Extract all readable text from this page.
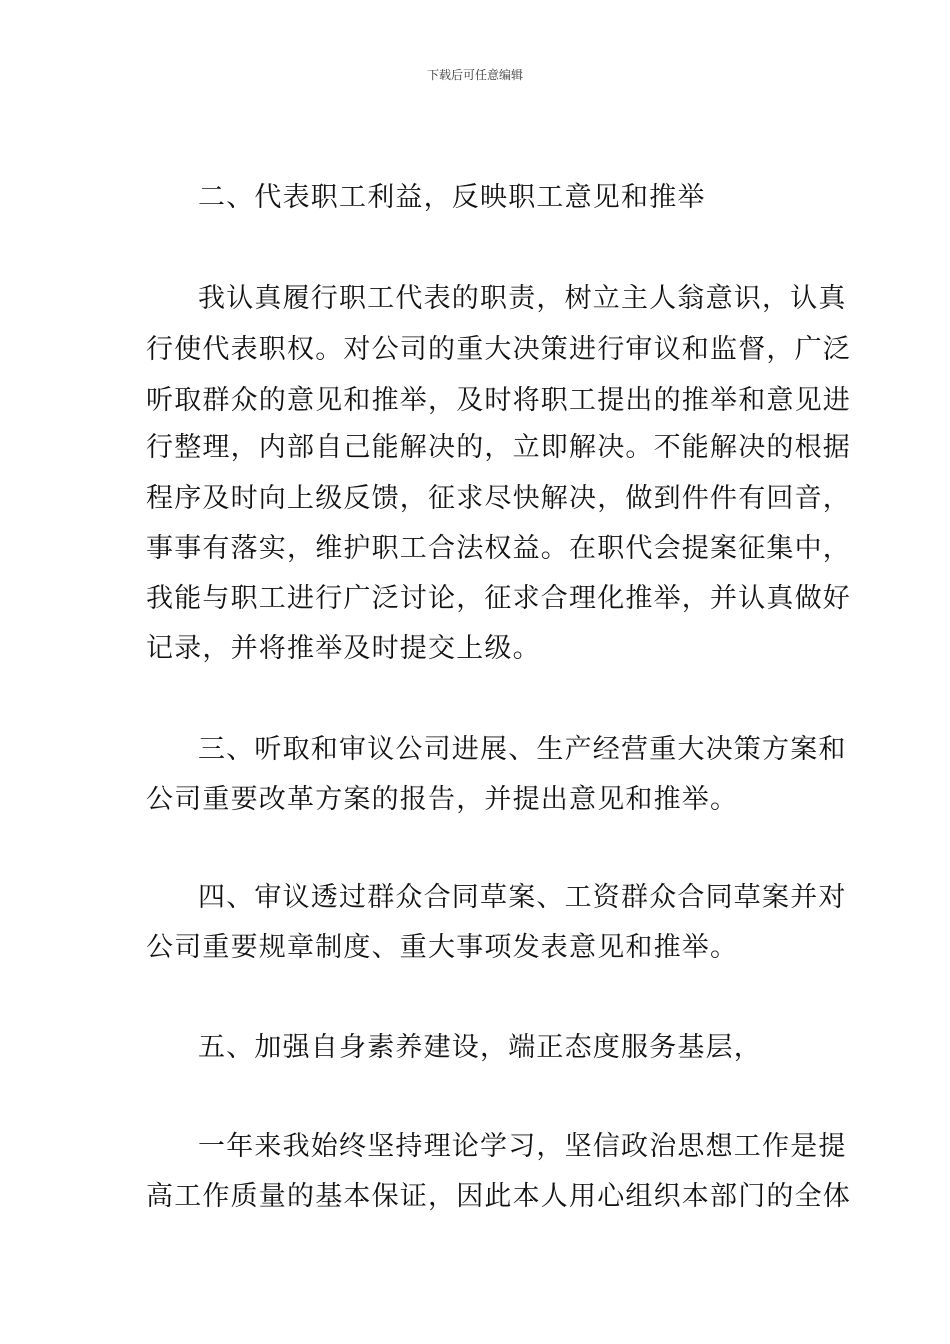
下载后可任意编辑
二、代表职工利益，反映职工意见和推举
我认真履行职工代表的职责，树立主人翁意识，认真
行使代表职权。对公司的重大决策进行审议和监督，广泛
听取群众的意见和推举，及时将职工提出的推举和意见进
行整理，内部自己能解决的，立即解决。不能解决的根据
程序及时向上级反馈，征求尽快解决，做到件件有回音，
事事有落实，维护职工合法权益。在职代会提案征集中，
我能与职工进行广泛讨论，征求合理化推举，并认真做好
记录，并将推举及时提交上级。
三、听取和审议公司进展、生产经营重大决策方案和
公司重要改革方案的报告，并提出意见和推举。
四、审议透过群众合同草案、工资群众合同草案并对
公司重要规章制度、重大事项发表意见和推举。
五、加强自身素养建设，端正态度服务基层，
一年来我始终坚持理论学习，坚信政治思想工作是提
高工作质量的基本保证，因此本人用心组织本部门的全体
